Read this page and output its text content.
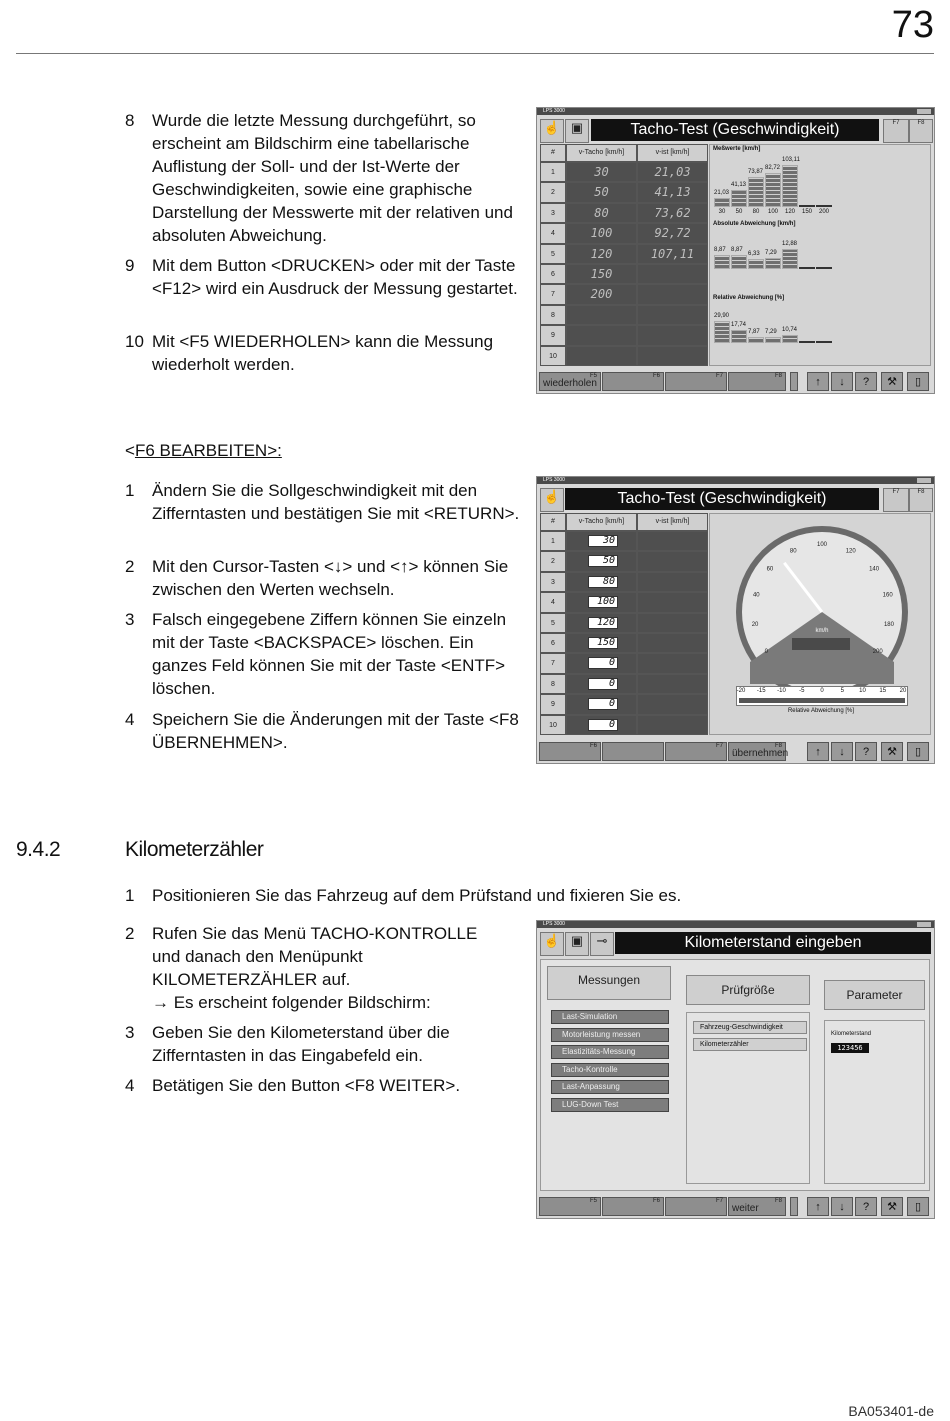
73
8	Wurde die letzte Messung durchgeführt, so erscheint am Bildschirm eine tabellarische Auflistung der Soll- und der Ist-Werte der Geschwindigkeiten, sowie eine graphische Darstellung der Messwerte mit der relativen und absoluten Abweichung.
9	Mit dem Button <DRUCKEN> oder mit der Taste <F12> wird ein Ausdruck der Messung gestartet.
10 Mit <F5 WIEDERHOLEN> kann die Messung wiederholt werden.
<F6 BEARBEITEN>:
1	Ändern Sie die Sollgeschwindigkeit mit den Zifferntasten und bestätigen Sie mit <RETURN>.
2	Mit den Cursor-Tasten <↓> und <↑> können Sie zwischen den Werten wechseln.
3	Falsch eingegebene Ziffern können Sie einzeln mit der Taste <BACKSPACE> löschen. Ein ganzes Feld können Sie mit der Taste <ENTF> löschen.
4	Speichern Sie die Änderungen mit der Taste <F8 ÜBERNEHMEN>.
9.4.2	Kilometerzähler
1	Positionieren Sie das Fahrzeug auf dem Prüfstand und fixieren Sie es.
2	Rufen Sie das Menü TACHO-KONTROLLE und danach den Menüpunkt KILOMETERZÄHLER auf.
→ Es erscheint folgender Bildschirm:
3	Geben Sie den Kilometerstand über die Zifferntasten in das Eingabefeld ein.
4	Betätigen Sie den Button <F8 WEITER>.
LPS 3000
☝ ▣	Tacho-Test (Geschwindigkeit)	F7	F8
#	v-Tacho [km/h]	v-ist [km/h]	Meßwerte [km/h]
Absolute Abweichung [km/h]
Relative Abweichung [%]
21,03
30
41,13
50
73,87
80
82,72
100
103,11
120	150	200
8,87 8,87
6,33 7,29
12,88
29,90
17,74
7,87 7,29 10,74
wiederholen
F5	F6	F7	F8	↑	↓	?	⚒	▯
1	30	21,03
2	50	41,13
3	80	73,62
4	100	92,72
5	120	107,11
6	150
7	200
8
9
10
LPS 3000
☝	Tacho-Test (Geschwindigkeit)	F7	F8
#	v-Tacho [km/h]	v-ist [km/h]
0
20
40
60
80
100
120
140
160
180
200
km/h
-20	-15	-10	-5	0	5	10	15	20
Relative Abweichung [%]
F6	F7
übernehmen
F8	↑	↓	?	⚒	▯
1	30
2	50
3	80
4	100
5	120
6	150
7	0
8	0
9	0
10	0
LPS 3000
☝ ▣	⊸	Kilometerstand eingeben
Messungen
Prüfgröße	Parameter
Fahrzeug-Geschwindigkeit
Kilometerzähler
Kilometerstand
123456
Last-Simulation
Motorleistung messen
Elastizitäts-Messung
Tacho-Kontrolle
Last-Anpassung
LUG-Down Test
F5	F6	F7
weiter
F8	↑	↓	?	⚒	▯
BA053401-de
